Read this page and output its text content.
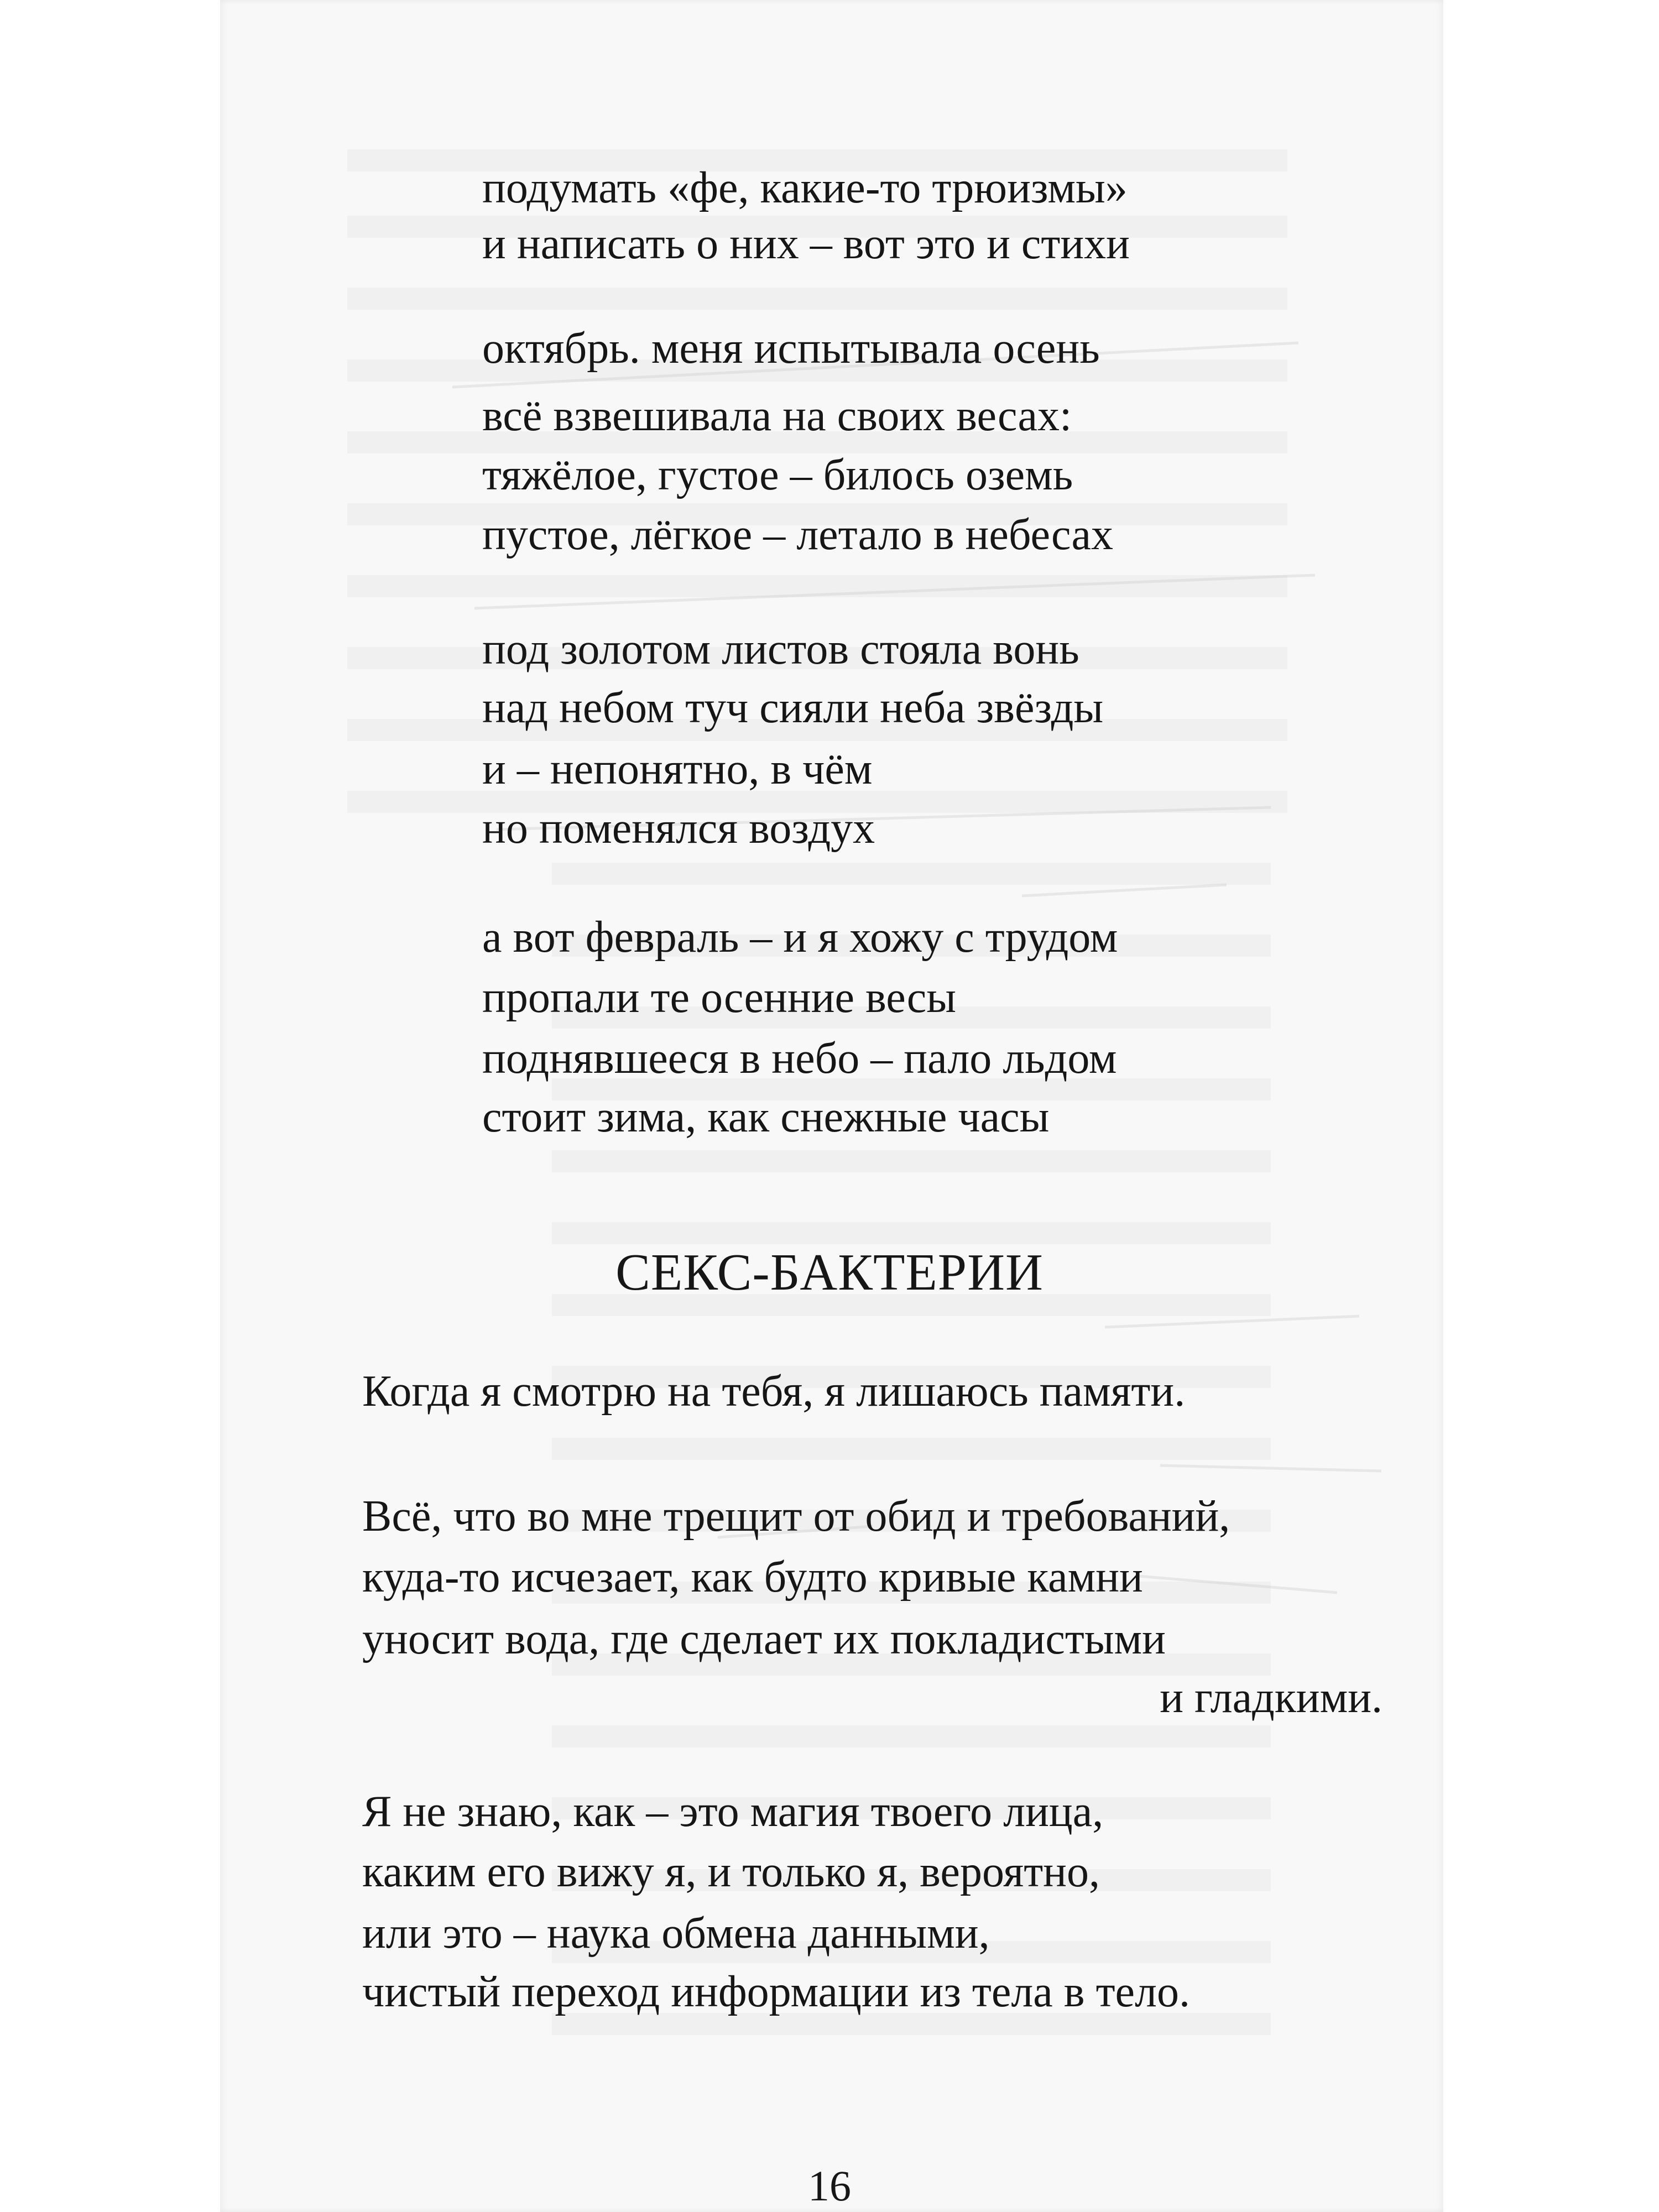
подумать «фе, какие-то трюизмы»
и написать о них – вот это и стихи
октябрь. меня испытывала осень
всё взвешивала на своих весах:
тяжёлое, густое – билось оземь
пустое, лёгкое – летало в небесах
под золотом листов стояла вонь
над небом туч сияли неба звёзды
и – непонятно, в чём
но поменялся воздух
а вот февраль – и я хожу с трудом
пропали те осенние весы
поднявшееся в небо – пало льдом
стоит зима, как снежные часы
СЕКС-БАКТЕРИИ
Когда я смотрю на тебя, я лишаюсь памяти.
Всё, что во мне трещит от обид и требований,
куда-то исчезает, как будто кривые камни
уносит вода, где сделает их покладистыми
и гладкими.
Я не знаю, как – это магия твоего лица,
каким его вижу я, и только я, вероятно,
или это – наука обмена данными,
чистый переход информации из тела в тело.
16
